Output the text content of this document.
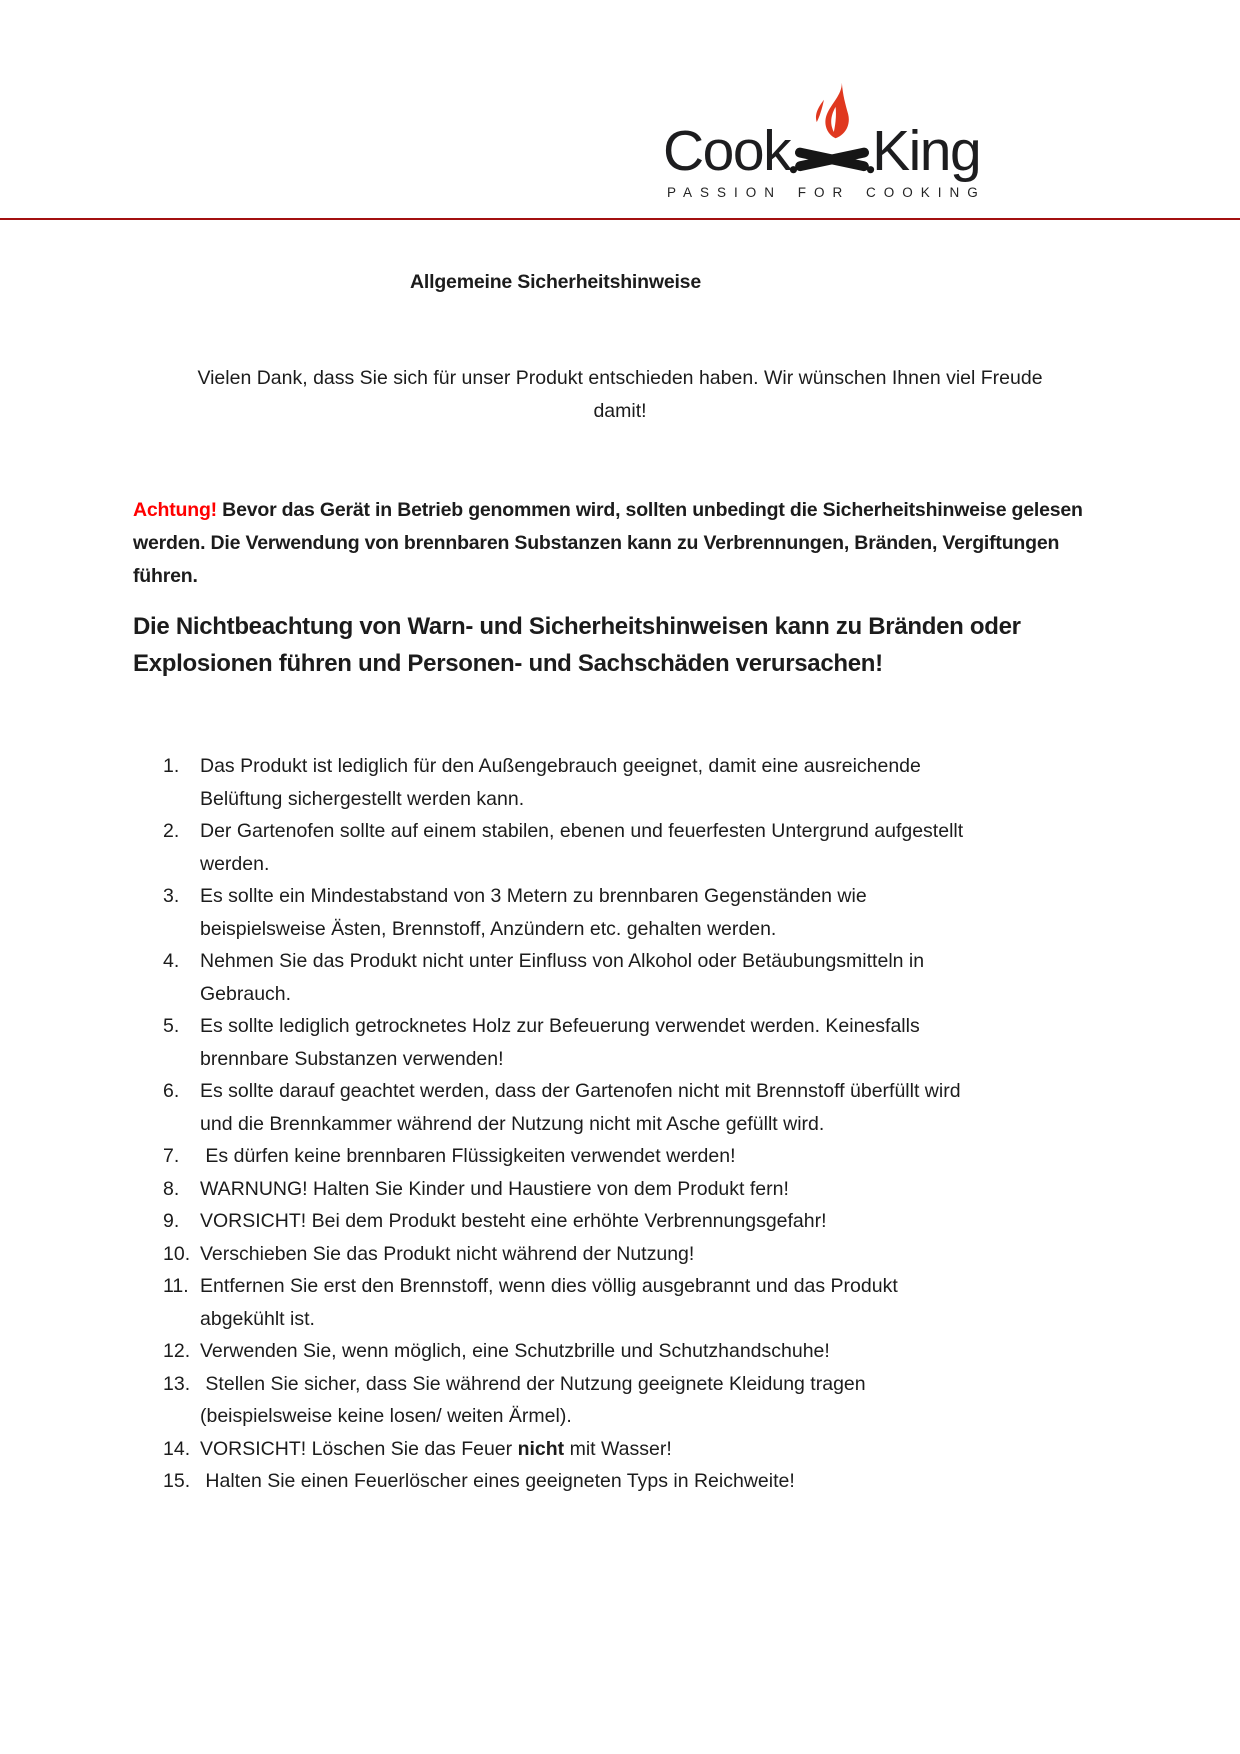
Cook King
PASSION FOR COOKING
Allgemeine Sicherheitshinweise

Vielen Dank, dass Sie sich für unser Produkt entschieden haben. Wir wünschen Ihnen viel Freude damit!

Achtung! Bevor das Gerät in Betrieb genommen wird, sollten unbedingt die Sicherheitshinweise gelesen werden. Die Verwendung von brennbaren Substanzen kann zu Verbrennungen, Bränden, Vergiftungen führen.

Die Nichtbeachtung von Warn- und Sicherheitshinweisen kann zu Bränden oder Explosionen führen und Personen- und Sachschäden verursachen!
1.	Das Produkt ist lediglich für den Außengebrauch geeignet, damit eine ausreichende Belüftung sichergestellt werden kann.
2.	Der Gartenofen sollte auf einem stabilen, ebenen und feuerfesten Untergrund aufgestellt werden.
3.	Es sollte ein Mindestabstand von 3 Metern zu brennbaren Gegenständen wie beispielsweise Ästen, Brennstoff, Anzündern etc. gehalten werden.
4.	Nehmen Sie das Produkt nicht unter Einfluss von Alkohol oder Betäubungsmitteln in Gebrauch.
5.	Es sollte lediglich getrocknetes Holz zur Befeuerung verwendet werden. Keinesfalls brennbare Substanzen verwenden!
6.	Es sollte darauf geachtet werden, dass der Gartenofen nicht mit Brennstoff überfüllt wird und die Brennkammer während der Nutzung nicht mit Asche gefüllt wird.
7.	Es dürfen keine brennbaren Flüssigkeiten verwendet werden!
8.	WARNUNG! Halten Sie Kinder und Haustiere von dem Produkt fern!
9.	VORSICHT! Bei dem Produkt besteht eine erhöhte Verbrennungsgefahr!
10. Verschieben Sie das Produkt nicht während der Nutzung!
11. Entfernen Sie erst den Brennstoff, wenn dies völlig ausgebrannt und das Produkt abgekühlt ist.
12. Verwenden Sie, wenn möglich, eine Schutzbrille und Schutzhandschuhe!
13. Stellen Sie sicher, dass Sie während der Nutzung geeignete Kleidung tragen (beispielsweise keine losen/ weiten Ärmel).
14. VORSICHT! Löschen Sie das Feuer nicht mit Wasser!
15. Halten Sie einen Feuerlöscher eines geeigneten Typs in Reichweite!
